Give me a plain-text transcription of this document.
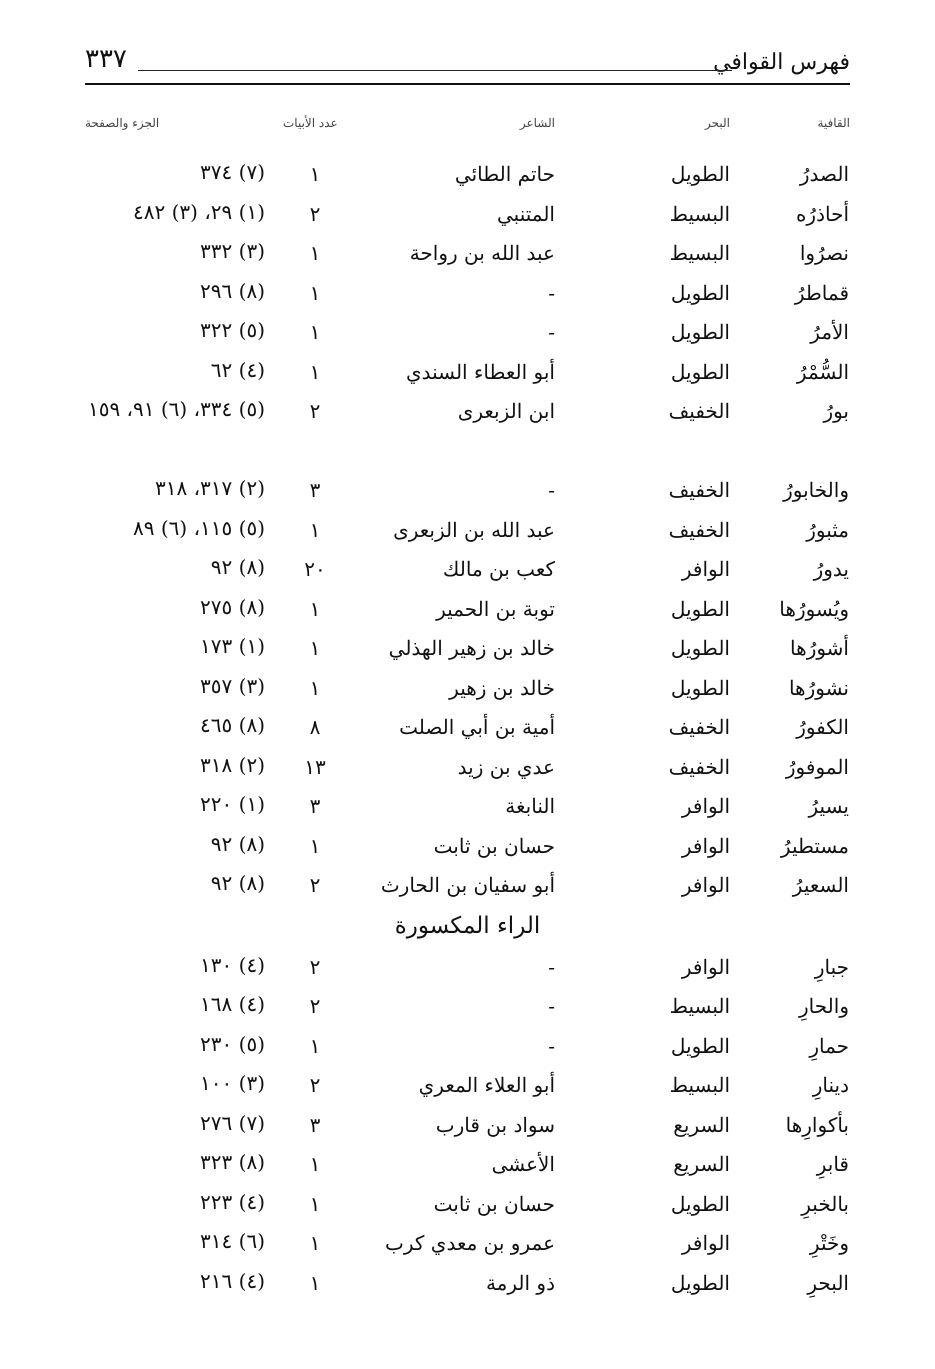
فهرس القوافي
٣٣٧
القافية
البحر
الشاعر
عدد الأبيات
الجزء والصفحة
الصدرُ
الطويل
حاتم الطائي
١
(٧) ٣٧٤
أحاذرُه
البسيط
المتنبي
٢
(١) ٢٩، (٣) ٤٨٢
نصرُوا
البسيط
عبد الله بن رواحة
١
(٣) ٣٣٢
قماطرُ
الطويل
-
١
(٨) ٢٩٦
الأمرُ
الطويل
-
١
(٥) ٣٢٢
السُّمْرُ
الطويل
أبو العطاء السندي
١
(٤) ٦٢
بورُ
الخفيف
ابن الزبعرى
٢
(٥) ٣٣٤، (٦) ٩١، ١٥٩
والخابورُ
الخفيف
-
٣
(٢) ٣١٧، ٣١٨
مثبورُ
الخفيف
عبد الله بن الزبعرى
١
(٥) ١١٥، (٦) ٨٩
يدورُ
الوافر
كعب بن مالك
٢٠
(٨) ٩٢
ويُسورُها
الطويل
توبة بن الحمير
١
(٨) ٢٧٥
أشورُها
الطويل
خالد بن زهير الهذلي
١
(١) ١٧٣
نشورُها
الطويل
خالد بن زهير
١
(٣) ٣٥٧
الكفورُ
الخفيف
أمية بن أبي الصلت
٨
(٨) ٤٦٥
الموفورُ
الخفيف
عدي بن زيد
١٣
(٢) ٣١٨
يسيرُ
الوافر
النابغة
٣
(١) ٢٢٠
مستطيرُ
الوافر
حسان بن ثابت
١
(٨) ٩٢
السعيرُ
الوافر
أبو سفيان بن الحارث
٢
(٨) ٩٢
الراء المكسورة
جبارِ
الوافر
-
٢
(٤) ١٣٠
والحارِ
البسيط
-
٢
(٤) ١٦٨
حمارِ
الطويل
-
١
(٥) ٢٣٠
دينارِ
البسيط
أبو العلاء المعري
٢
(٣) ١٠٠
بأكوارِها
السريع
سواد بن قارب
٣
(٧) ٢٧٦
قابرِ
السريع
الأعشى
١
(٨) ٣٢٣
بالخبرِ
الطويل
حسان بن ثابت
١
(٤) ٢٢٣
وخَتْرِ
الوافر
عمرو بن معدي كرب
١
(٦) ٣١٤
البحرِ
الطويل
ذو الرمة
١
(٤) ٢١٦
